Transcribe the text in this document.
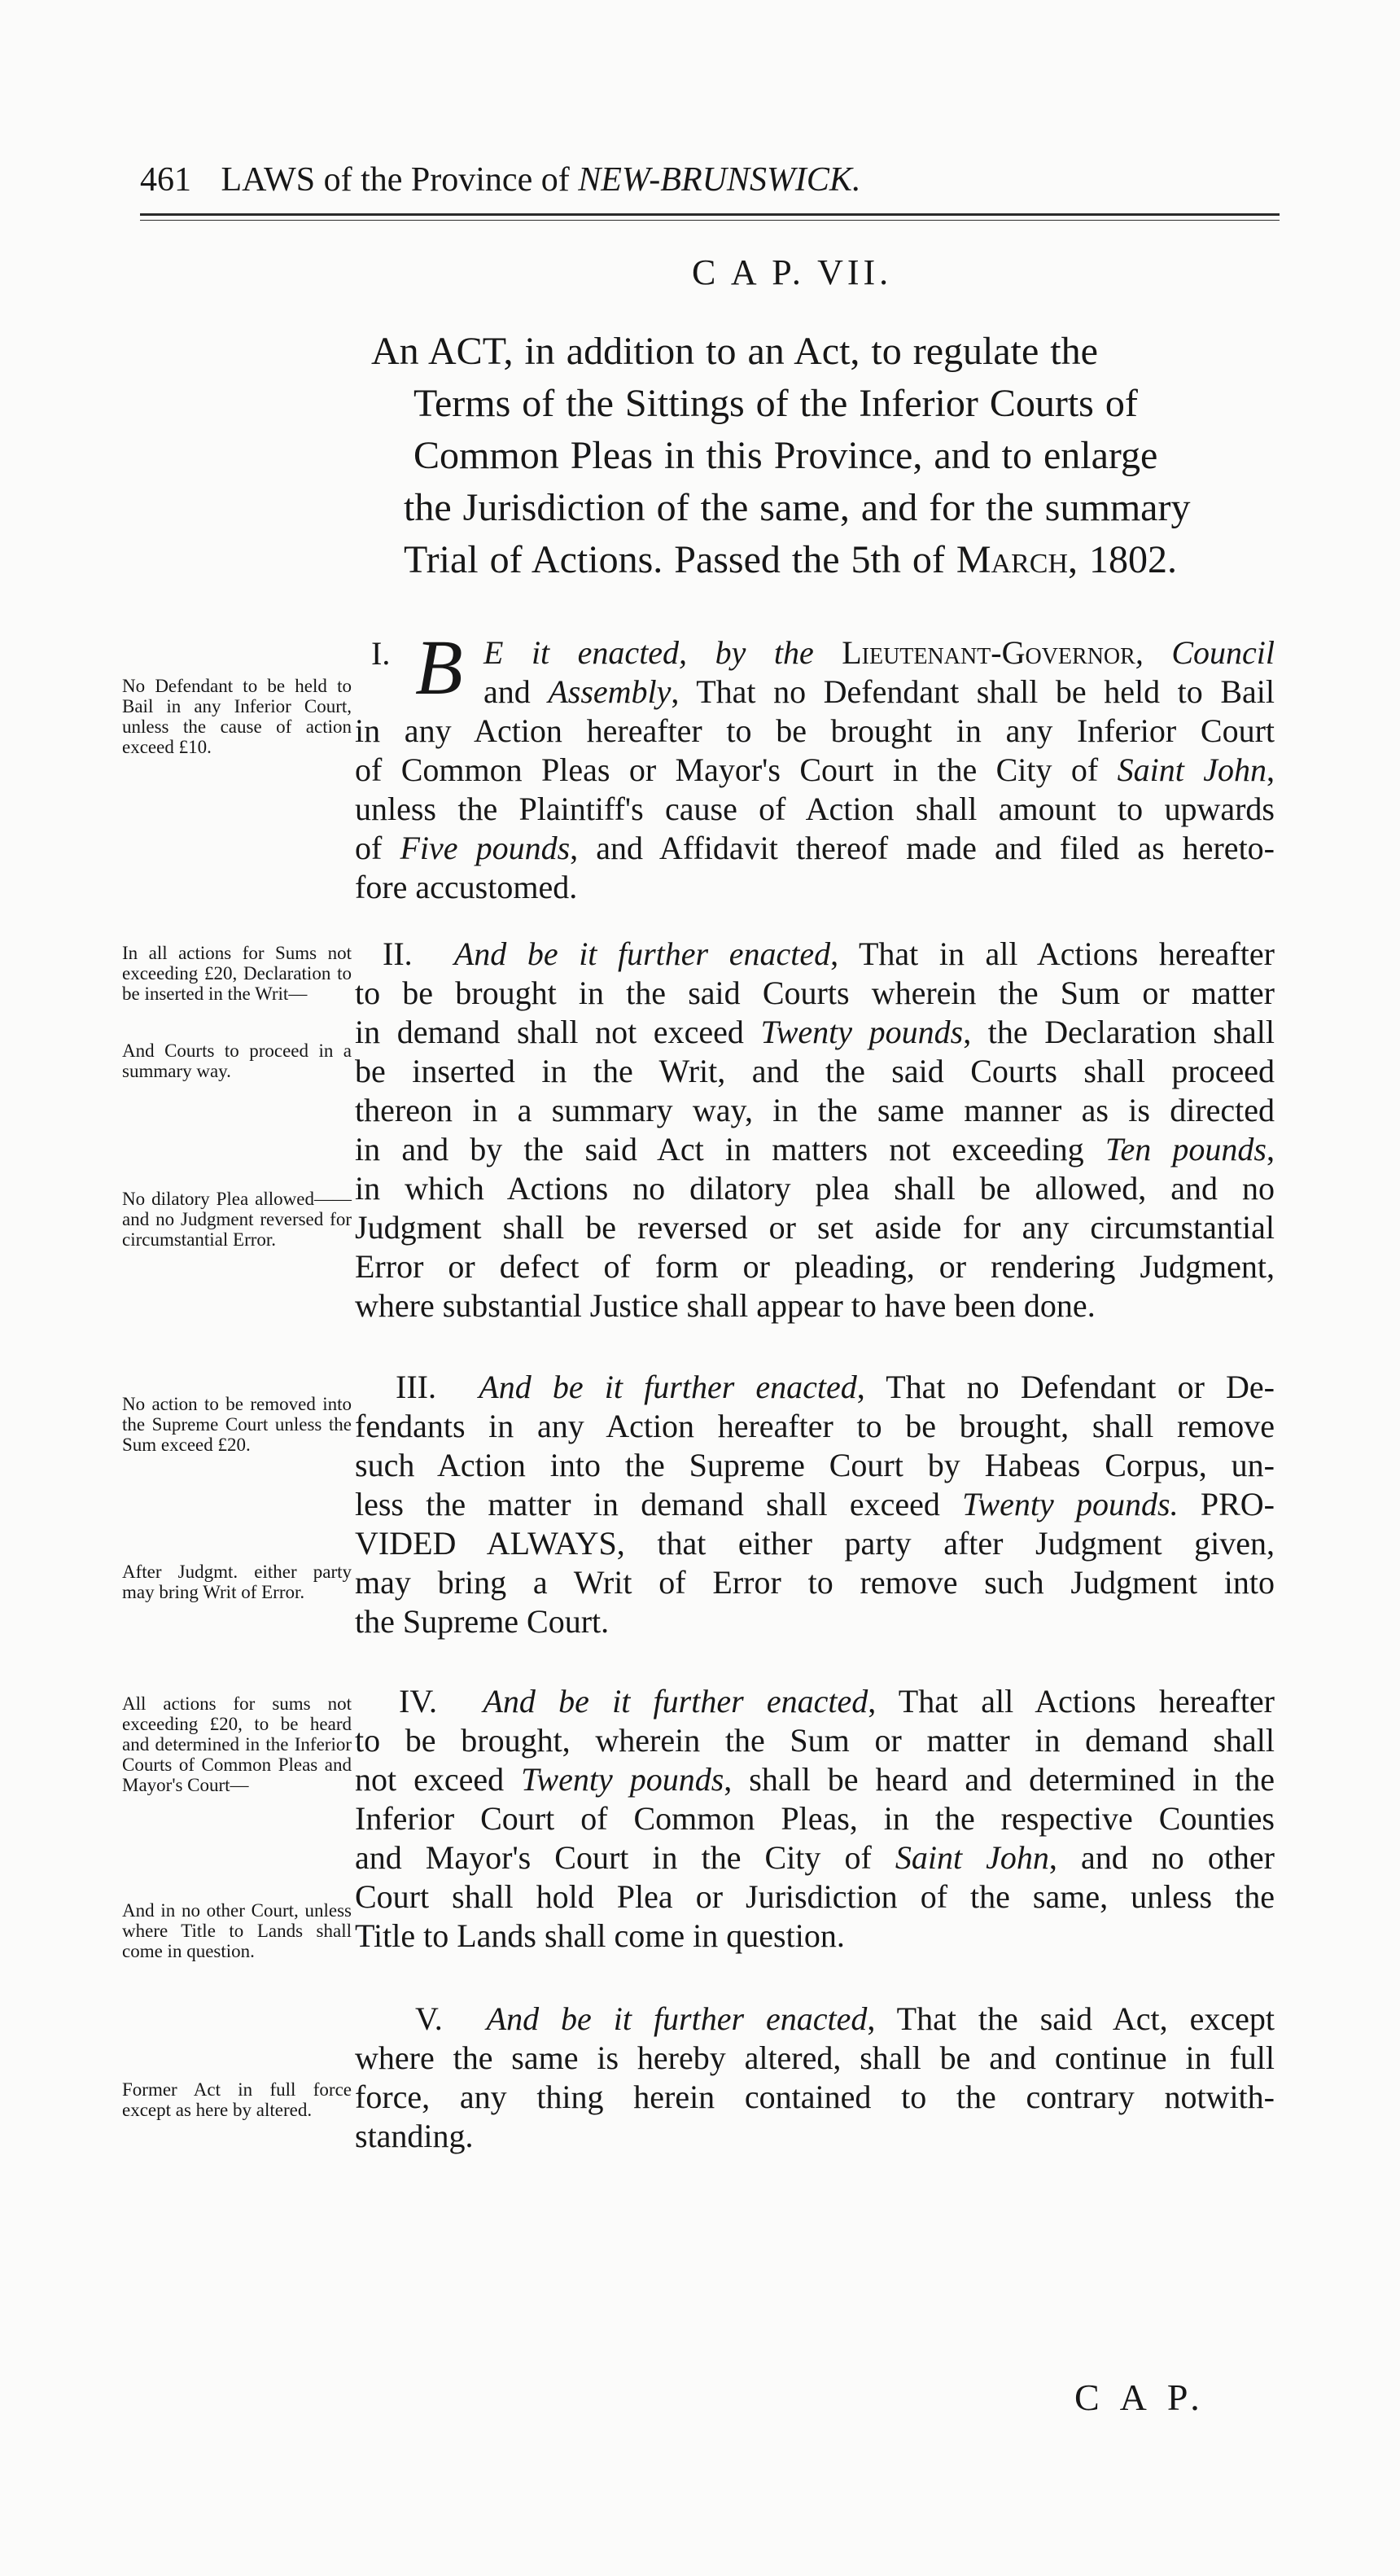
461 LAWS of the Province of NEW-BRUNSWICK.
C A P. VII.
An ACT, in addition to an Act, to regulate the
Terms of the Sittings of the Inferior Courts of
Common Pleas in this Province, and to enlarge
the Jurisdiction of the same, and for the summary
Trial of Actions. Passed the 5th of March, 1802.
No Defendant to be held to Bail in any Inferior Court, unless the cause of action exceed £10.
In all actions for Sums not exceeding £20, Declaration to be inserted in the Writ—
And Courts to proceed in a summary way.
No dilatory Plea allowed——and no Judgment reversed for circumstantial Error.
No action to be removed into the Supreme Court unless the Sum exceed £20.
After Judgmt. either party may bring Writ of Error.
All actions for sums not exceeding £20, to be heard and determined in the Inferior Courts of Common Pleas and Mayor's Court—
And in no other Court, unless where Title to Lands shall come in question.
Former Act in full force except as here by altered.
I. B E it enacted, by the Lieutenant-Governor, Council
and Assembly, That no Defendant shall be held to Bail
in any Action hereafter to be brought in any Inferior Court
of Common Pleas or Mayor's Court in the City of Saint John,
unless the Plaintiff's cause of Action shall amount to upwards
of Five pounds, and Affidavit thereof made and filed as hereto-
fore accustomed.
II. And be it further enacted, That in all Actions hereafter
to be brought in the said Courts wherein the Sum or matter
in demand shall not exceed Twenty pounds, the Declaration shall
be inserted in the Writ, and the said Courts shall proceed
thereon in a summary way, in the same manner as is directed
in and by the said Act in matters not exceeding Ten pounds,
in which Actions no dilatory plea shall be allowed, and no
Judgment shall be reversed or set aside for any circumstantial
Error or defect of form or pleading, or rendering Judgment,
where substantial Justice shall appear to have been done.
III. And be it further enacted, That no Defendant or De-
fendants in any Action hereafter to be brought, shall remove
such Action into the Supreme Court by Habeas Corpus, un-
less the matter in demand shall exceed Twenty pounds. PRO-
VIDED ALWAYS, that either party after Judgment given,
may bring a Writ of Error to remove such Judgment into
the Supreme Court.
IV. And be it further enacted, That all Actions hereafter
to be brought, wherein the Sum or matter in demand shall
not exceed Twenty pounds, shall be heard and determined in the
Inferior Court of Common Pleas, in the respective Counties
and Mayor's Court in the City of Saint John, and no other
Court shall hold Plea or Jurisdiction of the same, unless the
Title to Lands shall come in question.
V. And be it further enacted, That the said Act, except
where the same is hereby altered, shall be and continue in full
force, any thing herein contained to the contrary notwith-
standing.
C A P.
